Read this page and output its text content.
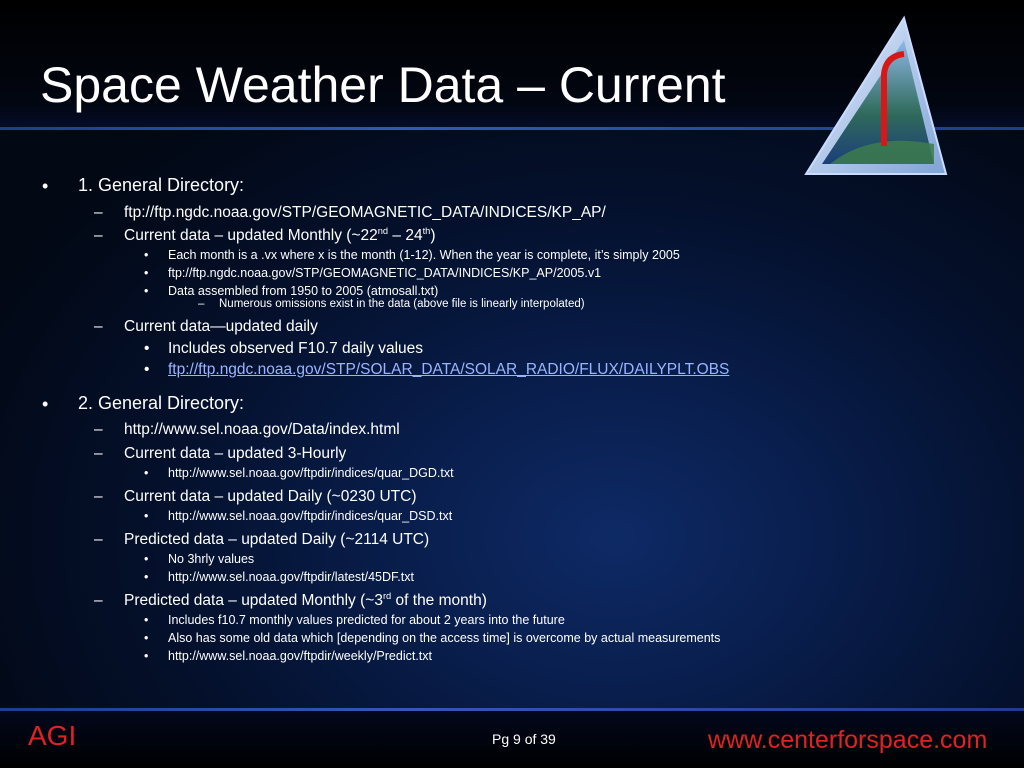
Space Weather Data – Current
• 1. General Directory:
– ftp://ftp.ngdc.noaa.gov/STP/GEOMAGNETIC_DATA/INDICES/KP_AP/
– Current data – updated Monthly (~22nd – 24th)
• Each month is a .vx where x is the month (1-12). When the year is complete, it’s simply 2005
• ftp://ftp.ngdc.noaa.gov/STP/GEOMAGNETIC_DATA/INDICES/KP_AP/2005.v1
• Data assembled from 1950 to 2005 (atmosall.txt)
– Numerous omissions exist in the data (above file is linearly interpolated)
– Current data—updated daily
• Includes observed F10.7 daily values
• ftp://ftp.ngdc.noaa.gov/STP/SOLAR_DATA/SOLAR_RADIO/FLUX/DAILYPLT.OBS
• 2. General Directory:
– http://www.sel.noaa.gov/Data/index.html
– Current data – updated 3-Hourly
• http://www.sel.noaa.gov/ftpdir/indices/quar_DGD.txt
– Current data – updated Daily (~0230 UTC)
• http://www.sel.noaa.gov/ftpdir/indices/quar_DSD.txt
– Predicted data – updated Daily (~2114 UTC)
• No 3hrly values
• http://www.sel.noaa.gov/ftpdir/latest/45DF.txt
– Predicted data – updated Monthly (~3rd of the month)
• Includes f10.7 monthly values predicted for about 2 years into the future
• Also has some old data which [depending on the access time] is overcome by actual measurements
• http://www.sel.noaa.gov/ftpdir/weekly/Predict.txt
AGI	Pg 9 of 39	www.centerforspace.com
